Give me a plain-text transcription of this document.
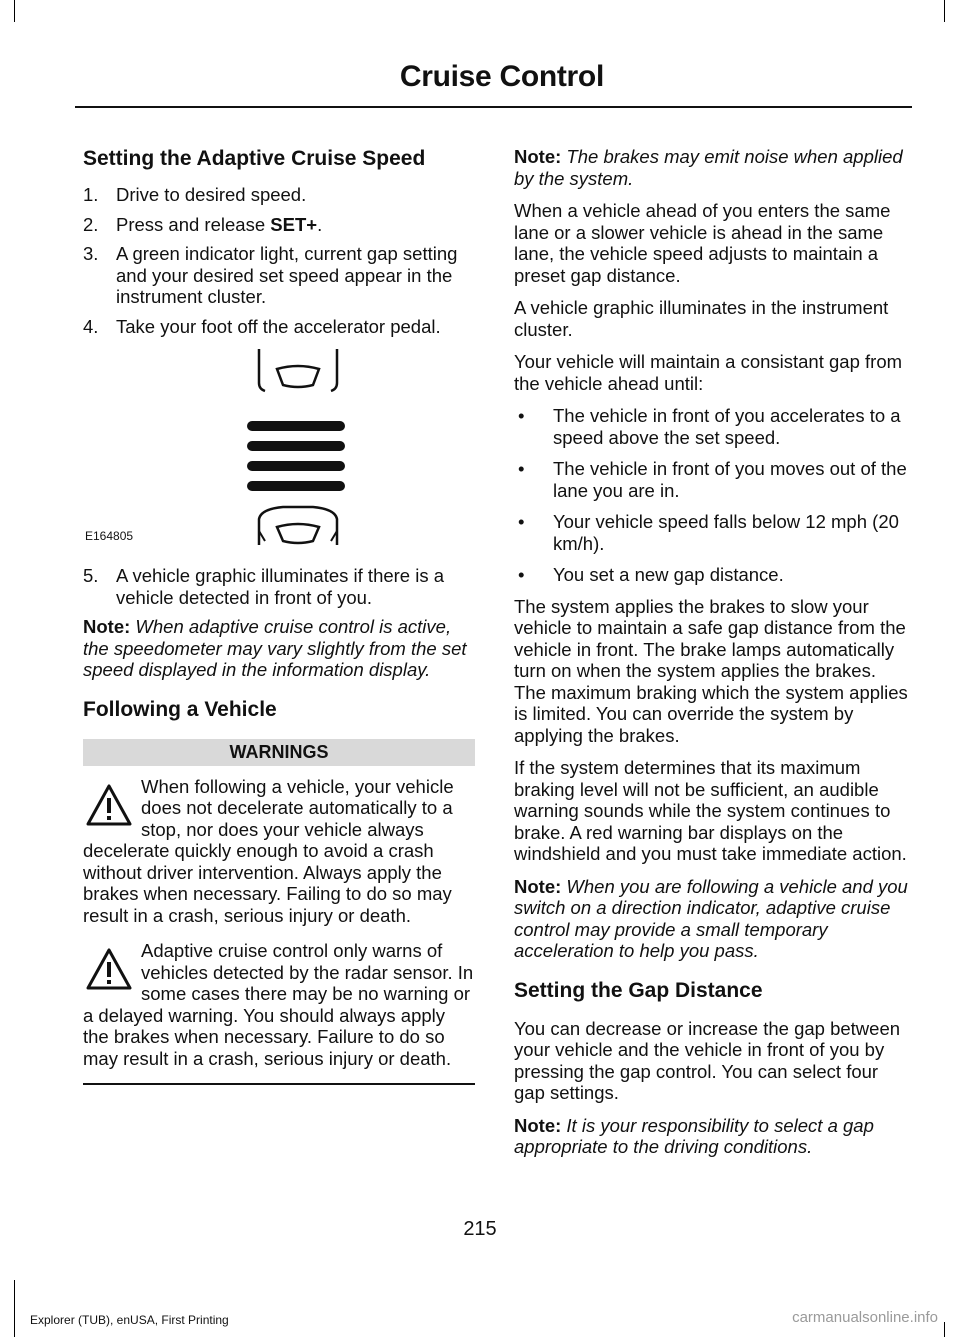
Cruise Control
Setting the Adaptive Cruise Speed
1. Drive to desired speed.
2. Press and release SET+.
3. A green indicator light, current gap setting and your desired set speed appear in the instrument cluster.
4. Take your foot off the accelerator pedal.
E164805
5. A vehicle graphic illuminates if there is a vehicle detected in front of you.

Note: When adaptive cruise control is active, the speedometer may vary slightly from the set speed displayed in the information display.

Following a Vehicle
WARNINGS
When following a vehicle, your vehicle does not decelerate automatically to a stop, nor does your vehicle always decelerate quickly enough to avoid a crash without driver intervention. Always apply the brakes when necessary. Failing to do so may result in a crash, serious injury or death.
Adaptive cruise control only warns of vehicles detected by the radar sensor. In some cases there may be no warning or a delayed warning. You should always apply the brakes when necessary. Failure to do so may result in a crash, serious injury or death.

Note: The brakes may emit noise when applied by the system.

When a vehicle ahead of you enters the same lane or a slower vehicle is ahead in the same lane, the vehicle speed adjusts to maintain a preset gap distance.

A vehicle graphic illuminates in the instrument cluster.

Your vehicle will maintain a consistant gap from the vehicle ahead until:

•	The vehicle in front of you accelerates to a speed above the set speed.
•	The vehicle in front of you moves out of the lane you are in.
•	Your vehicle speed falls below 12 mph (20 km/h).
•	You set a new gap distance.

The system applies the brakes to slow your vehicle to maintain a safe gap distance from the vehicle in front. The brake lamps automatically turn on when the system applies the brakes. The maximum braking which the system applies is limited. You can override the system by applying the brakes.

If the system determines that its maximum braking level will not be sufficient, an audible warning sounds while the system continues to brake. A red warning bar displays on the windshield and you must take immediate action.

Note: When you are following a vehicle and you switch on a direction indicator, adaptive cruise control may provide a small temporary acceleration to help you pass.

Setting the Gap Distance

You can decrease or increase the gap between your vehicle and the vehicle in front of you by pressing the gap control. You can select four gap settings.

Note: It is your responsibility to select a gap appropriate to the driving conditions.

215
Explorer (TUB), enUSA, First Printing	carmanualsonline.info
